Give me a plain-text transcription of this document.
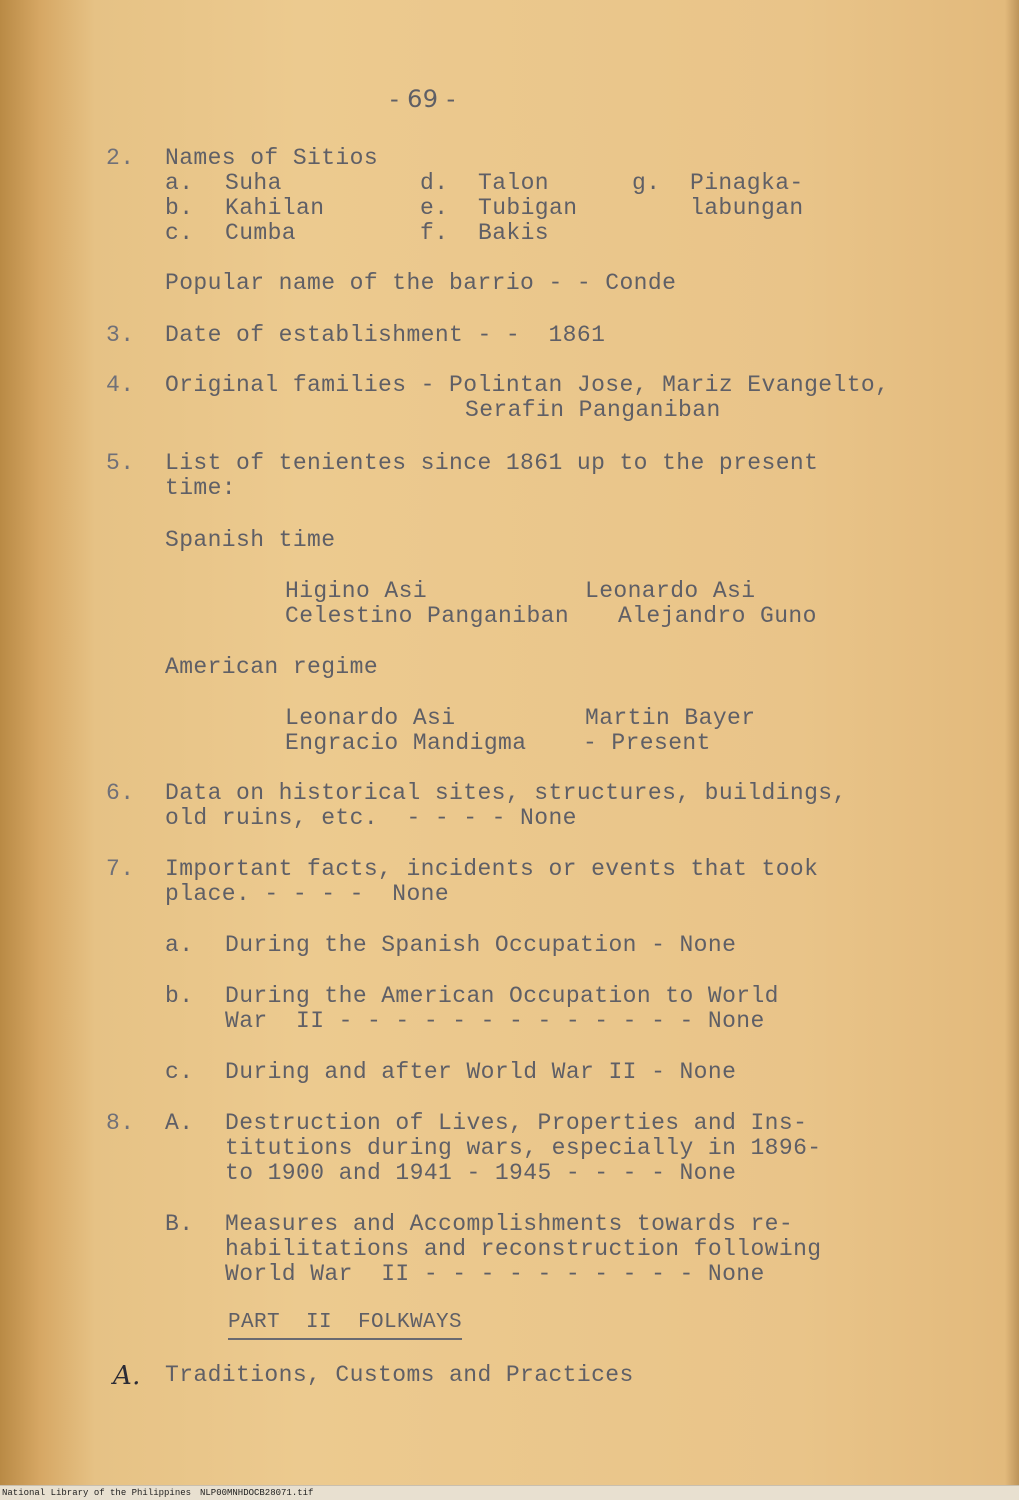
- 69 -
2. Names of Sitios
a. Suha
b. Kahilan
c. Cumba
d. Talon
e. Tubigan
f. Bakis
g. Pinagka-
labungan
Popular name of the barrio - - Conde
3. Date of establishment - -  1861
4. Original families - Polintan Jose, Mariz Evangelto,
Serafin Panganiban
5. List of tenientes since 1861 up to the present
time:
Spanish time
Higino Asi	Leonardo Asi
Celestino Panganiban Alejandro Guno
American regime
Leonardo Asi	Martin Bayer
Engracio Mandigma - Present
6. Data on historical sites, structures, buildings,
old ruins, etc.  - - - - None
7. Important facts, incidents or events that took
place. - - - -  None
a. During the Spanish Occupation - None
b. During the American Occupation to World
War  II - - - - - - - - - - - - - None
c. During and after World War II - None
8. A. Destruction of Lives, Properties and Ins-
titutions during wars, especially in 1896-
to 1900 and 1941 - 1945 - - - - None
B. Measures and Accomplishments towards re-
habilitations and reconstruction following
World War  II - - - - - - - - - - None
PART  II  FOLKWAYS
A. Traditions, Customs and Practices
National Library of the Philippines NLP00MNHDOCB28071.tif
